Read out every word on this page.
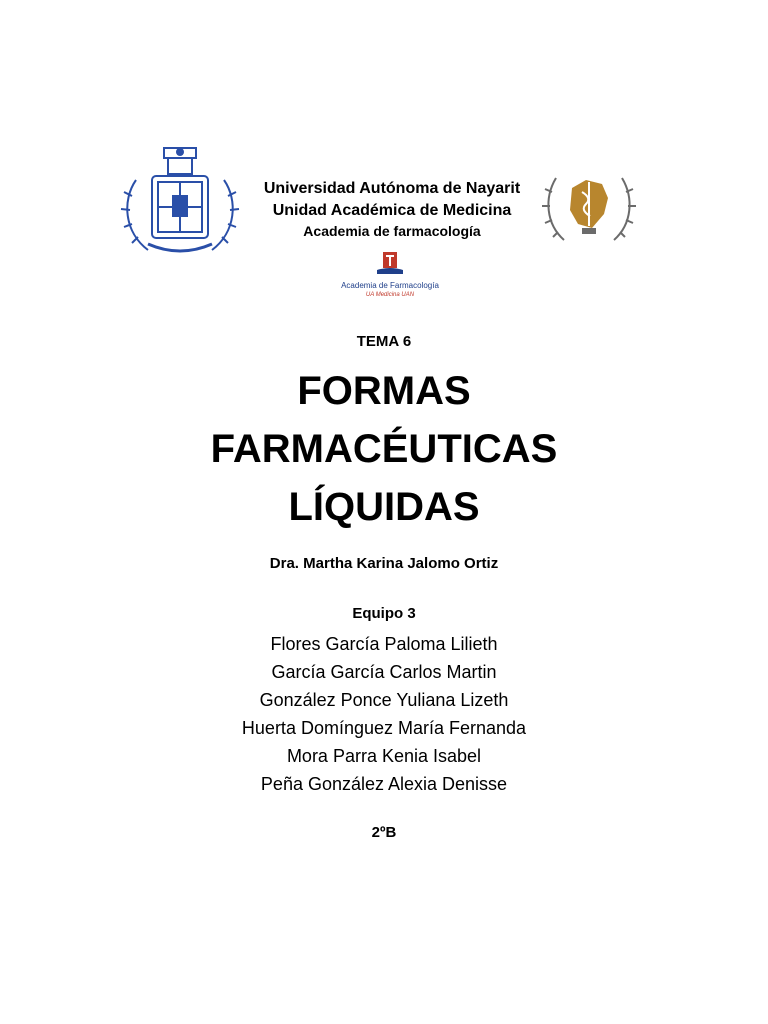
Universidad Autónoma de Nayarit
Unidad Académica de Medicina
Academia de farmacología
Academia de Farmacología
UA Medicina UAN
TEMA 6
FORMAS
FARMACÉUTICAS
LÍQUIDAS
Dra. Martha Karina Jalomo Ortiz
Equipo 3
Flores García Paloma Lilieth
García García Carlos Martin
González Ponce Yuliana Lizeth
Huerta Domínguez María Fernanda
Mora Parra Kenia Isabel
Peña González Alexia Denisse
2ºB
